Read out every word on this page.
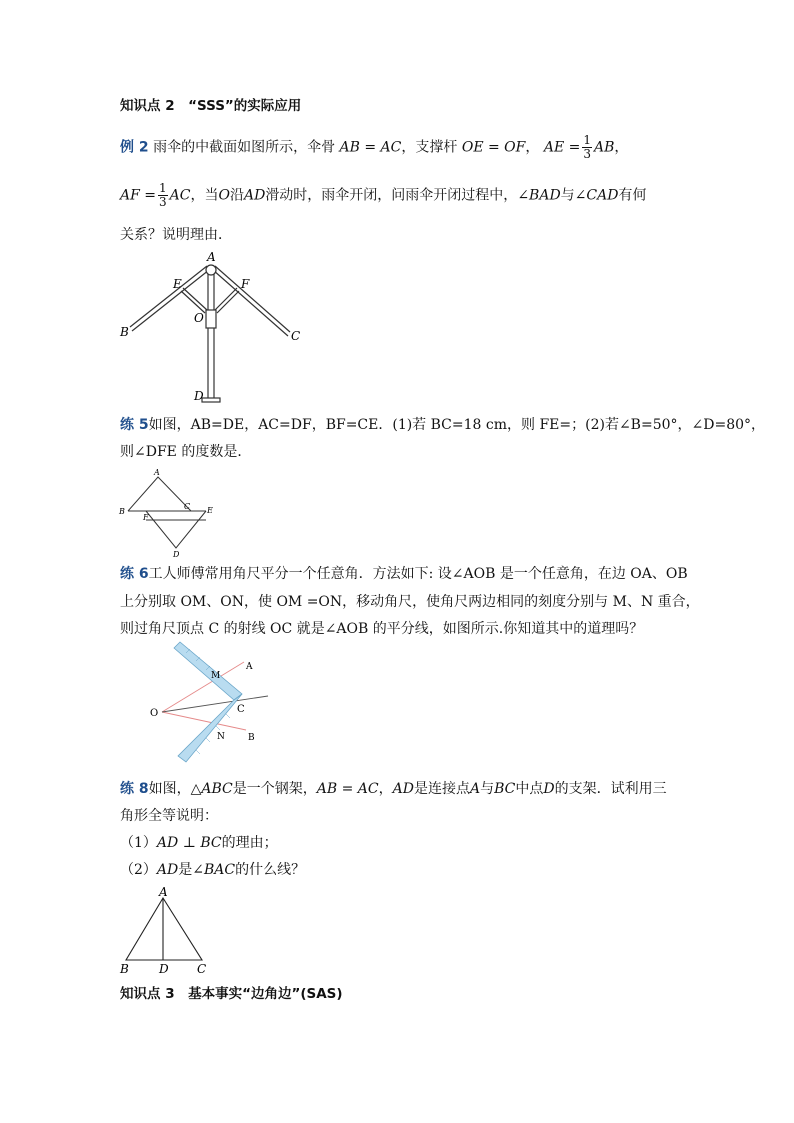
知识点 2　“SSS”的实际应用
例 2 雨伞的中截面如图所示，伞骨 AB = AC，支撑杆 OE = OF， AE = $\frac{1}{3}$ AB，
AF = $\frac{1}{3}$ AC，当O沿AD滑动时，雨伞开闭，问雨伞开闭过程中，∠BAD与∠CAD有何
关系？说明理由．
A
E	F
O
B	C
D
练 5如图，AB=DE，AC=DF，BF=CE．(1)若 BC=18 cm，则 FE=；(2)若∠B=50°，∠D=80°，
则∠DFE 的度数是．
A
B
C
F
E
D
练 6工人师傅常用角尺平分一个任意角．方法如下: 设∠AOB 是一个任意角，在边 OA、OB
上分别取 OM、ON，使 OM =ON，移动角尺，使角尺两边相同的刻度分别与 M、N 重合，
则过角尺顶点 C 的射线 OC 就是∠AOB 的平分线，如图所示.你知道其中的道理吗？
O
A
M
C
N	B
练 8如图，△ABC是一个钢架，AB = AC，AD是连接点A与BC中点D的支架．试利用三
角形全等说明：
（1）AD ⊥ BC的理由；
（2）AD是∠BAC的什么线？
A
B	D C
知识点 3　基本事实“边角边”(SAS)
